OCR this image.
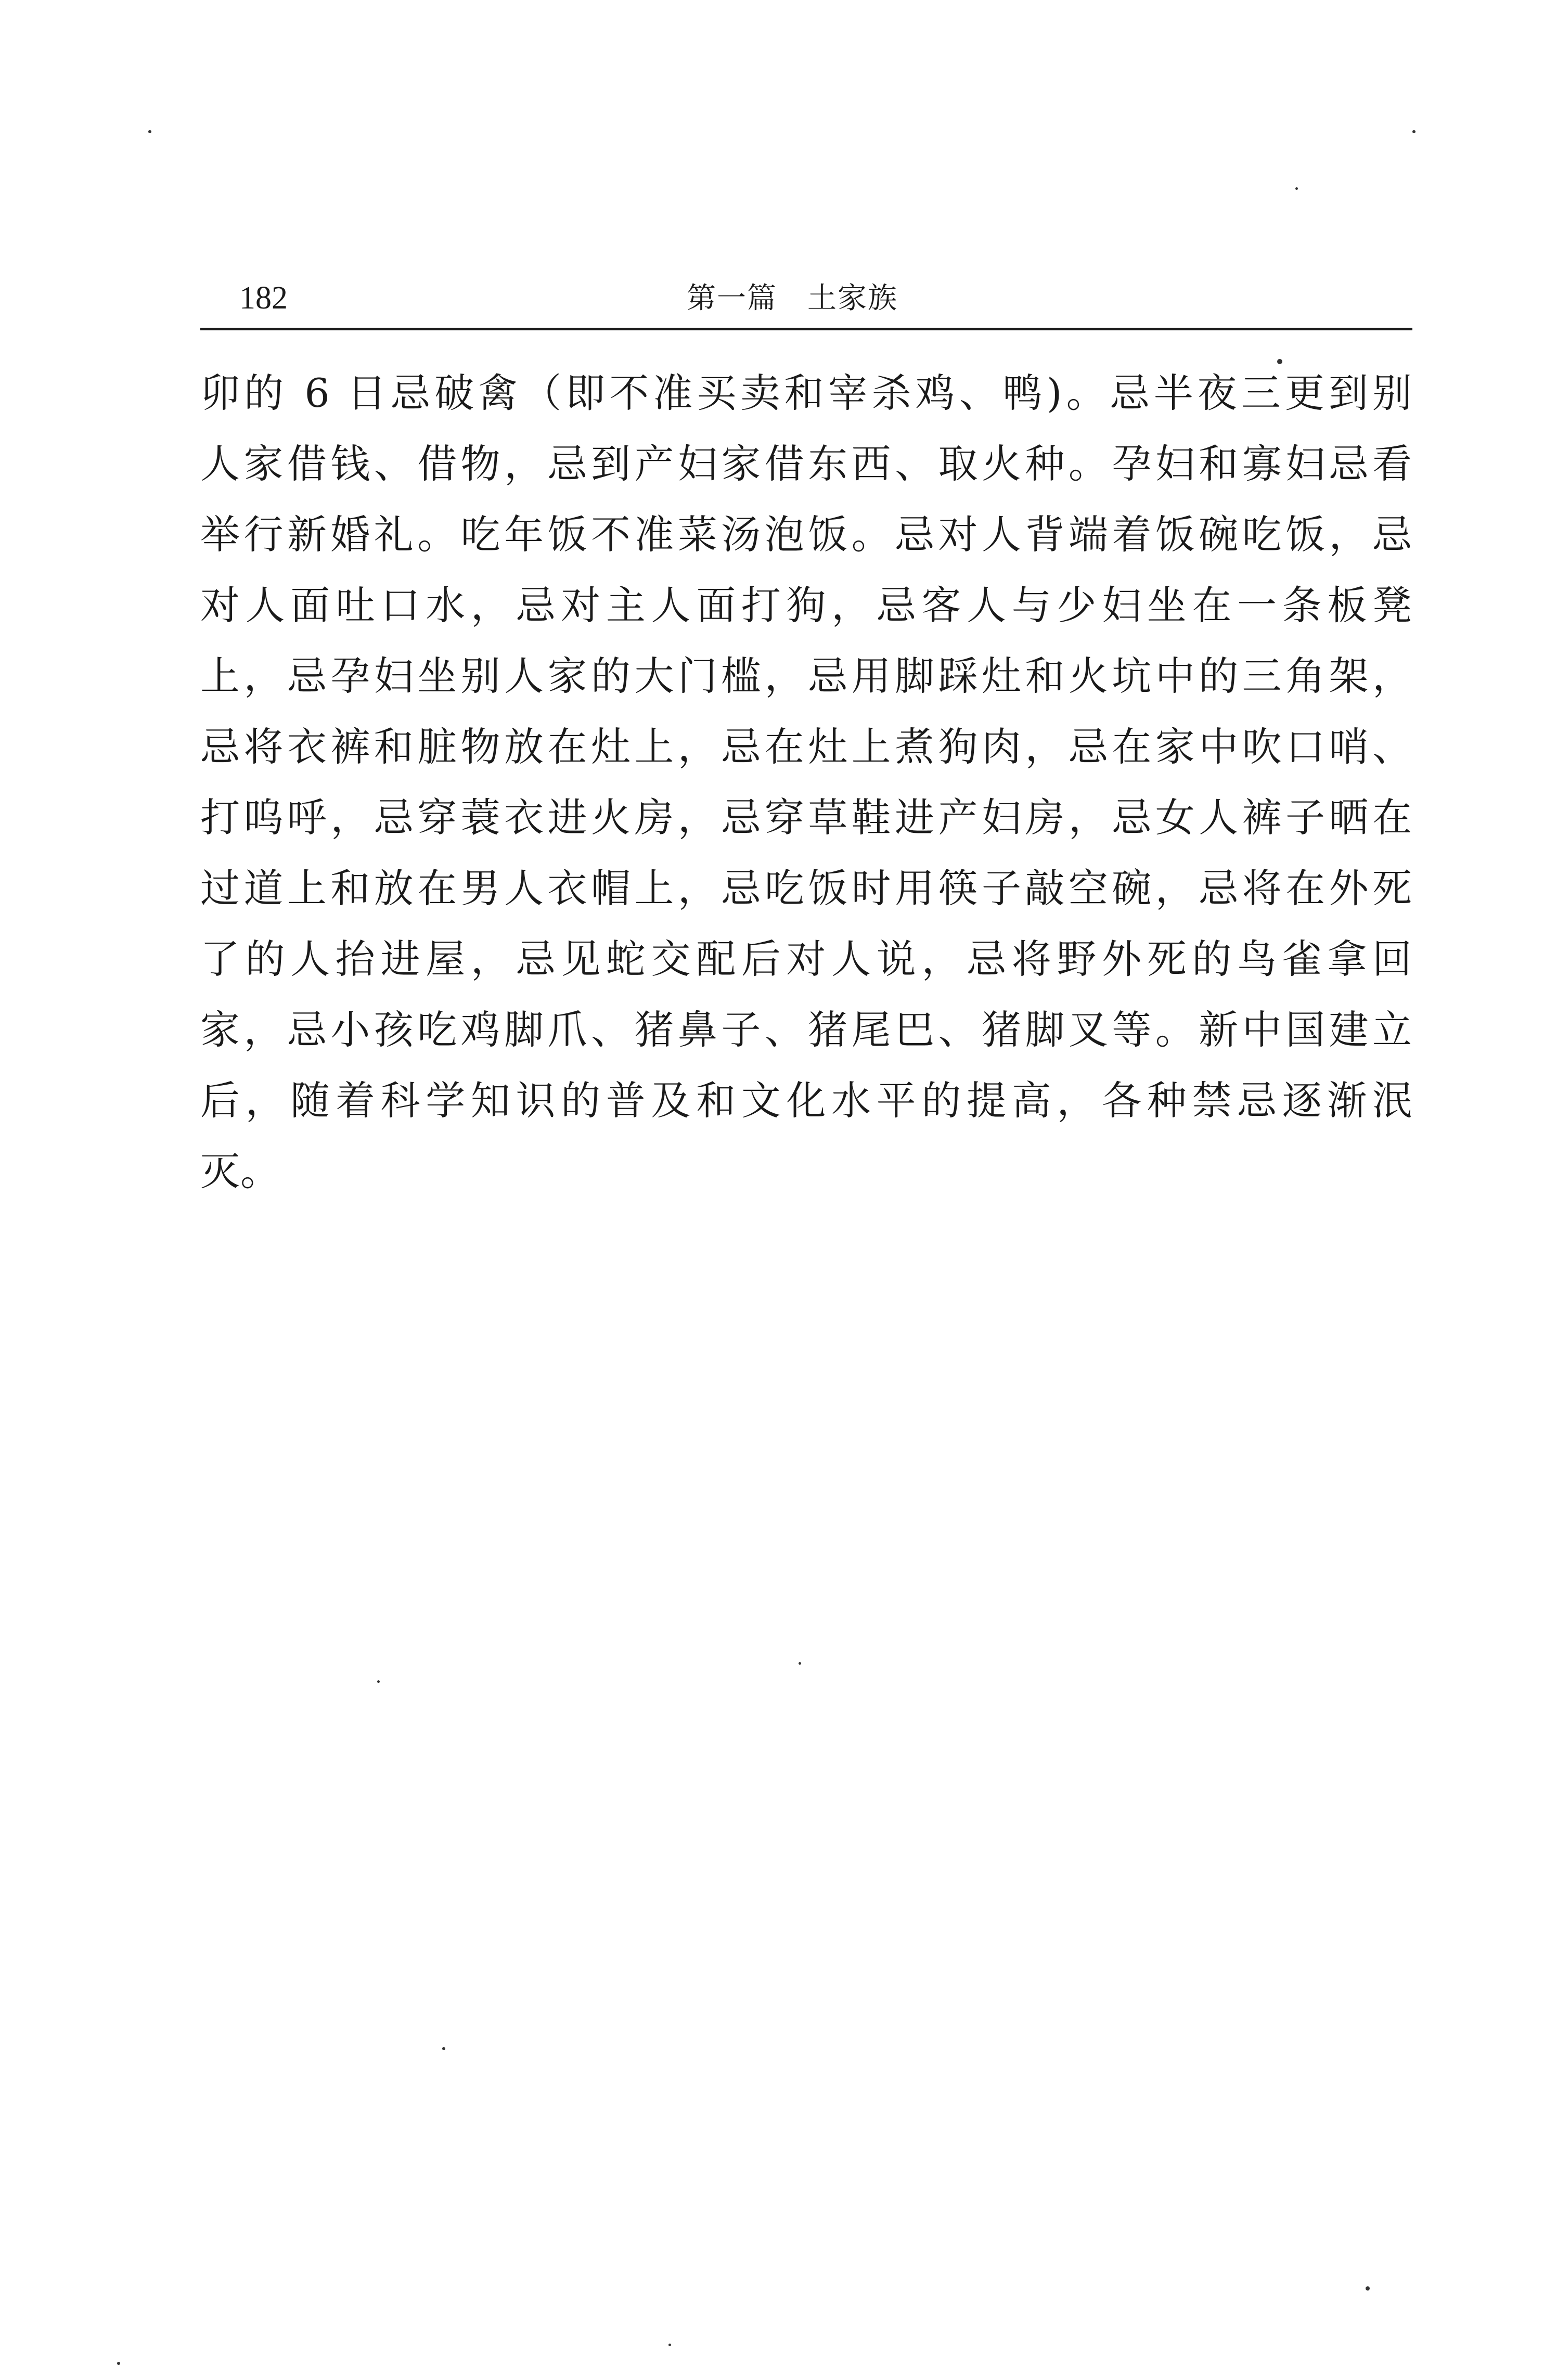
182	第一篇　土家族
卯的 6 日忌破禽（即不准买卖和宰杀鸡、鸭)。忌半夜三更到别
人家借钱、借物，忌到产妇家借东西、取火种。孕妇和寡妇忌看
举行新婚礼。吃年饭不准菜汤泡饭。忌对人背端着饭碗吃饭，忌
对人面吐口水，忌对主人面打狗，忌客人与少妇坐在一条板凳
上，忌孕妇坐别人家的大门槛，忌用脚踩灶和火坑中的三角架，
忌将衣裤和脏物放在灶上，忌在灶上煮狗肉，忌在家中吹口哨、
打呜呼，忌穿蓑衣进火房，忌穿草鞋进产妇房，忌女人裤子晒在
过道上和放在男人衣帽上，忌吃饭时用筷子敲空碗，忌将在外死
了的人抬进屋，忌见蛇交配后对人说，忌将野外死的鸟雀拿回
家，忌小孩吃鸡脚爪、猪鼻子、猪尾巴、猪脚叉等。新中国建立
后，随着科学知识的普及和文化水平的提高，各种禁忌逐渐泯
灭。
